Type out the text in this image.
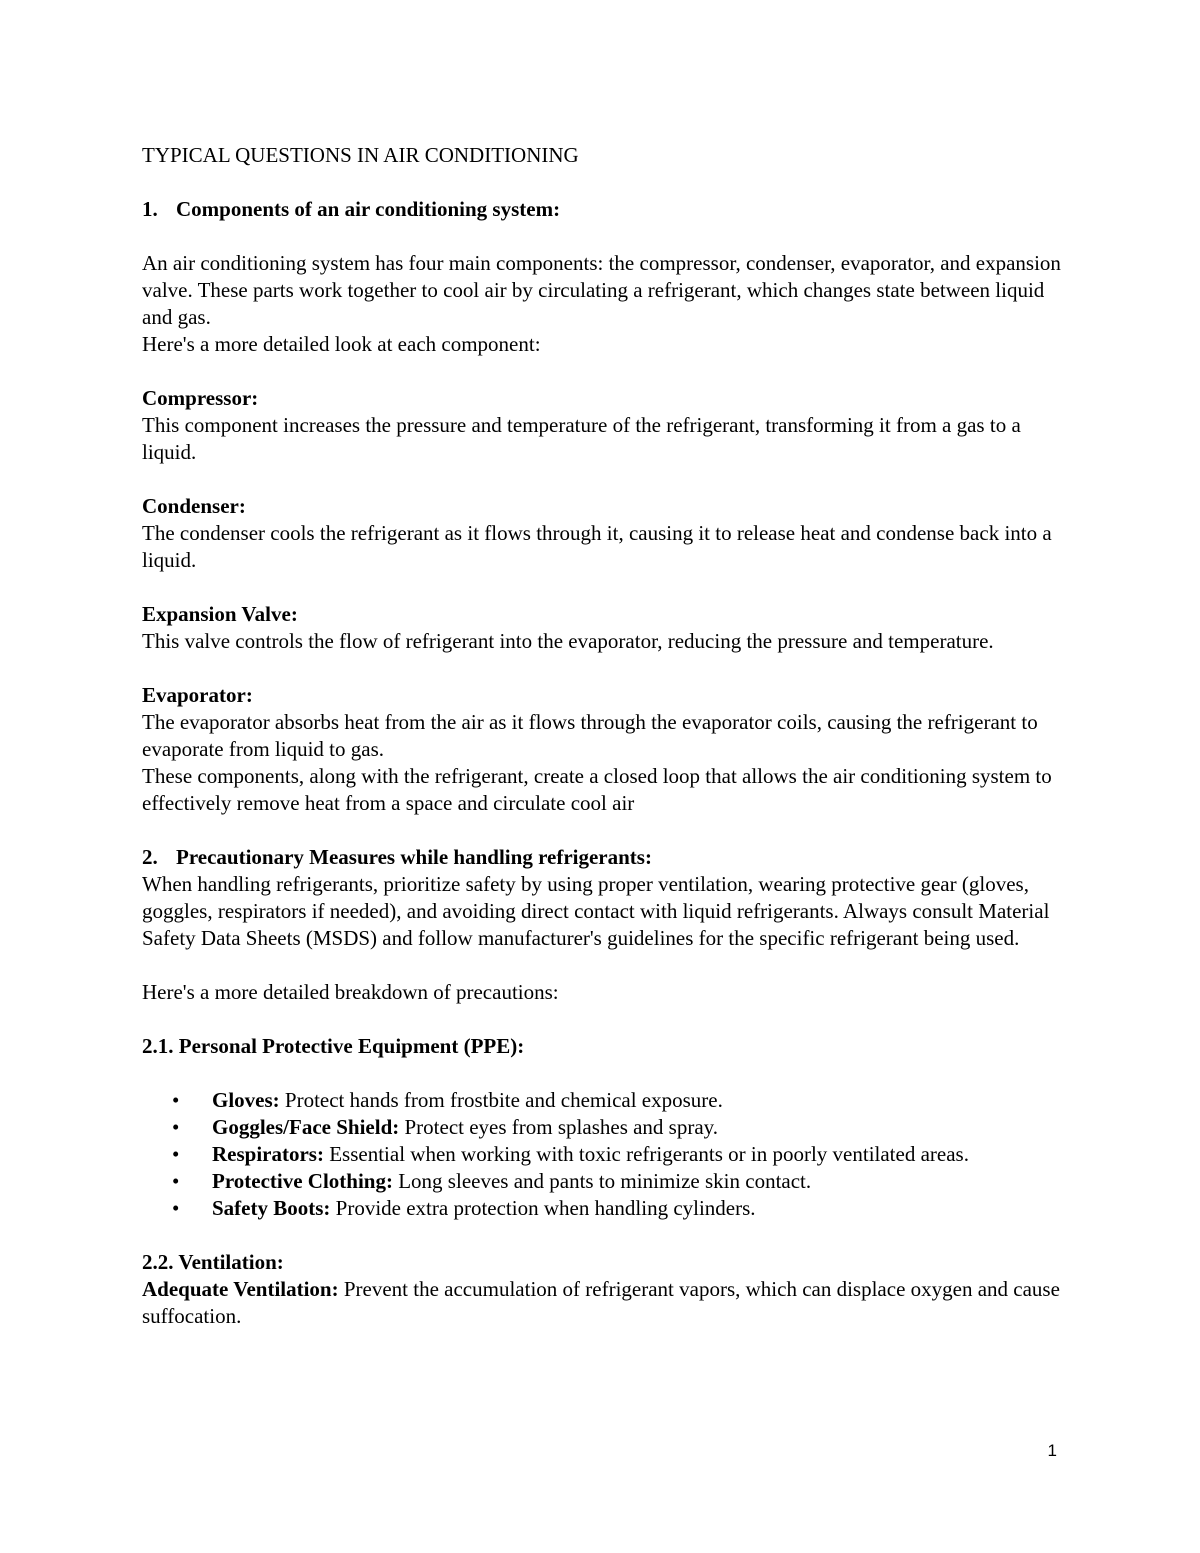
TYPICAL QUESTIONS IN AIR CONDITIONING

1. Components of an air conditioning system:

An air conditioning system has four main components: the compressor, condenser, evaporator, and expansion valve. These parts work together to cool air by circulating a refrigerant, which changes state between liquid and gas.

Here's a more detailed look at each component:

Compressor:

This component increases the pressure and temperature of the refrigerant, transforming it from a gas to a liquid.

Condenser:

The condenser cools the refrigerant as it flows through it, causing it to release heat and condense back into a liquid.

Expansion Valve:

This valve controls the flow of refrigerant into the evaporator, reducing the pressure and temperature.

Evaporator:

The evaporator absorbs heat from the air as it flows through the evaporator coils, causing the refrigerant to evaporate from liquid to gas.

These components, along with the refrigerant, create a closed loop that allows the air conditioning system to effectively remove heat from a space and circulate cool air

2. Precautionary Measures while handling refrigerants:

When handling refrigerants, prioritize safety by using proper ventilation, wearing protective gear (gloves, goggles, respirators if needed), and avoiding direct contact with liquid refrigerants. Always consult Material Safety Data Sheets (MSDS) and follow manufacturer's guidelines for the specific refrigerant being used.

Here's a more detailed breakdown of precautions:

2.1. Personal Protective Equipment (PPE):

• Gloves: Protect hands from frostbite and chemical exposure.
• Goggles/Face Shield: Protect eyes from splashes and spray.
• Respirators: Essential when working with toxic refrigerants or in poorly ventilated areas.
• Protective Clothing: Long sleeves and pants to minimize skin contact.
• Safety Boots: Provide extra protection when handling cylinders.

2.2. Ventilation:

Adequate Ventilation: Prevent the accumulation of refrigerant vapors, which can displace oxygen and cause suffocation.

1
